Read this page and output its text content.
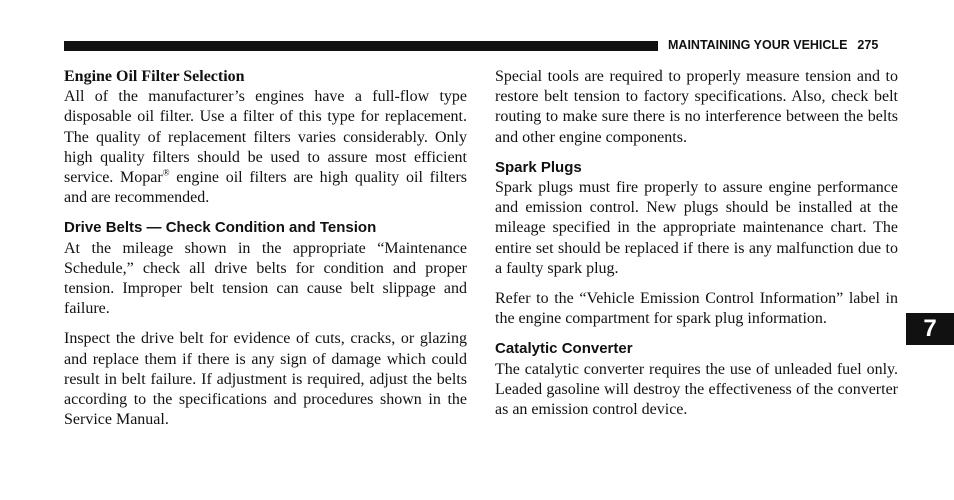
MAINTAINING YOUR VEHICLE 275
Engine Oil Filter Selection

All of the manufacturer’s engines have a full-flow type disposable oil filter. Use a filter of this type for replacement. The quality of replacement filters varies considerably. Only high quality filters should be used to assure most efficient service. Mopar® engine oil filters are high quality oil filters and are recommended.

Drive Belts — Check Condition and Tension

At the mileage shown in the appropriate “Maintenance Schedule,” check all drive belts for condition and proper tension. Improper belt tension can cause belt slippage and failure.

Inspect the drive belt for evidence of cuts, cracks, or glazing and replace them if there is any sign of damage which could result in belt failure. If adjustment is required, adjust the belts according to the specifications and procedures shown in the Service Manual.

Special tools are required to properly measure tension and to restore belt tension to factory specifications. Also, check belt routing to make sure there is no interference between the belts and other engine components.

Spark Plugs

Spark plugs must fire properly to assure engine performance and emission control. New plugs should be installed at the mileage specified in the appropriate maintenance chart. The entire set should be replaced if there is any malfunction due to a faulty spark plug.

Refer to the “Vehicle Emission Control Information” label in the engine compartment for spark plug information.

Catalytic Converter

The catalytic converter requires the use of unleaded fuel only. Leaded gasoline will destroy the effectiveness of the converter as an emission control device.

7
